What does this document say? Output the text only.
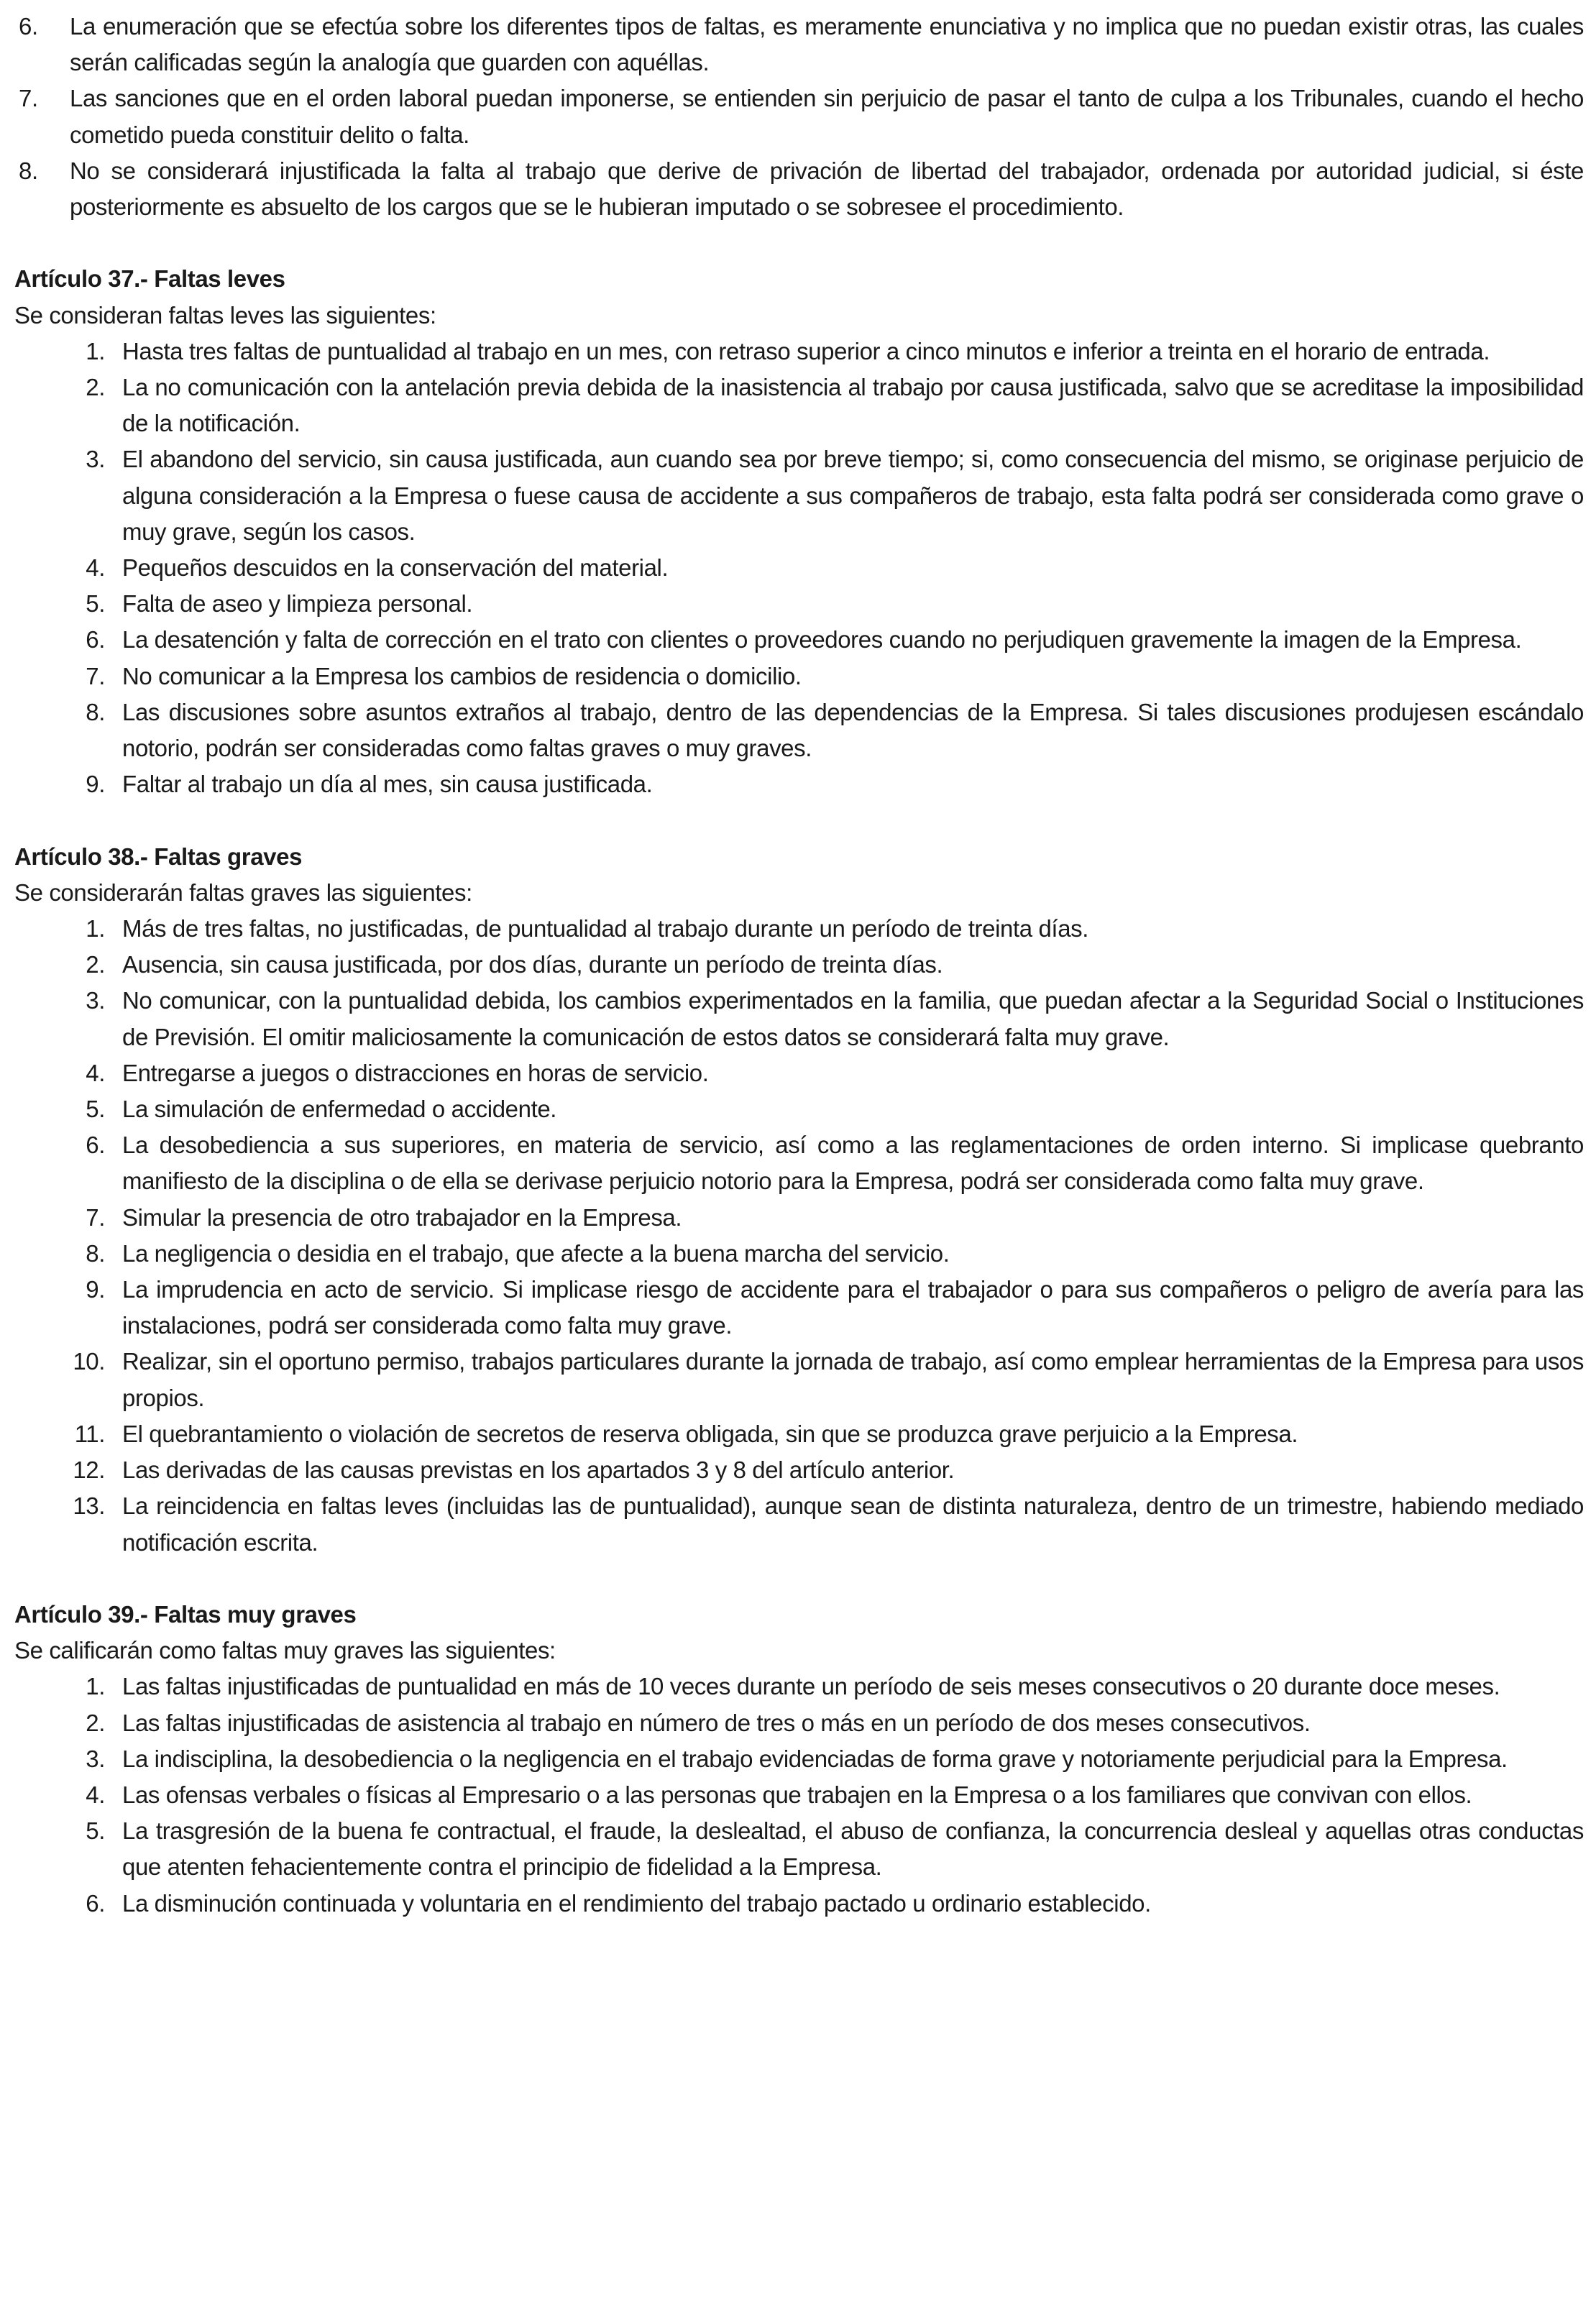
6.	La enumeración que se efectúa sobre los diferentes tipos de faltas, es meramente enunciativa y no implica que no puedan existir otras, las cuales serán calificadas según la analogía que guarden con aquéllas.
7.	Las sanciones que en el orden laboral puedan imponerse, se entienden sin perjuicio de pasar el tanto de culpa a los Tribunales, cuando el hecho cometido pueda constituir delito o falta.
8.	No se considerará injustificada la falta al trabajo que derive de privación de libertad del trabajador, ordenada por autoridad judicial, si éste posteriormente es absuelto de los cargos que se le hubieran imputado o se sobresee el procedimiento.
Artículo 37.- Faltas leves
Se consideran faltas leves las siguientes:
1. Hasta tres faltas de puntualidad al trabajo en un mes, con retraso superior a cinco minutos e inferior a treinta en el horario de entrada.
2. La no comunicación con la antelación previa debida de la inasistencia al trabajo por causa justificada, salvo que se acreditase la imposibilidad de la notificación.
3. El abandono del servicio, sin causa justificada, aun cuando sea por breve tiempo; si, como consecuencia del mismo, se originase perjuicio de alguna consideración a la Empresa o fuese causa de accidente a sus compañeros de trabajo, esta falta podrá ser considerada como grave o muy grave, según los casos.
4. Pequeños descuidos en la conservación del material.
5. Falta de aseo y limpieza personal.
6. La desatención y falta de corrección en el trato con clientes o proveedores cuando no perjudiquen gravemente la imagen de la Empresa.
7. No comunicar a la Empresa los cambios de residencia o domicilio.
8. Las discusiones sobre asuntos extraños al trabajo, dentro de las dependencias de la Empresa. Si tales discusiones produjesen escándalo notorio, podrán ser consideradas como faltas graves o muy graves.
9. Faltar al trabajo un día al mes, sin causa justificada.
Artículo 38.- Faltas graves
Se considerarán faltas graves las siguientes:
1. Más de tres faltas, no justificadas, de puntualidad al trabajo durante un período de treinta días.
2. Ausencia, sin causa justificada, por dos días, durante un período de treinta días.
3. No comunicar, con la puntualidad debida, los cambios experimentados en la familia, que puedan afectar a la Seguridad Social o Instituciones de Previsión. El omitir maliciosamente la comunicación de estos datos se considerará falta muy grave.
4. Entregarse a juegos o distracciones en horas de servicio.
5. La simulación de enfermedad o accidente.
6. La desobediencia a sus superiores, en materia de servicio, así como a las reglamentaciones de orden interno. Si implicase quebranto manifiesto de la disciplina o de ella se derivase perjuicio notorio para la Empresa, podrá ser considerada como falta muy grave.
7. Simular la presencia de otro trabajador en la Empresa.
8. La negligencia o desidia en el trabajo, que afecte a la buena marcha del servicio.
9. La imprudencia en acto de servicio. Si implicase riesgo de accidente para el trabajador o para sus compañeros o peligro de avería para las instalaciones, podrá ser considerada como falta muy grave.
10. Realizar, sin el oportuno permiso, trabajos particulares durante la jornada de trabajo, así como emplear herramientas de la Empresa para usos propios.
11. El quebrantamiento o violación de secretos de reserva obligada, sin que se produzca grave perjuicio a la Empresa.
12. Las derivadas de las causas previstas en los apartados 3 y 8 del artículo anterior.
13. La reincidencia en faltas leves (incluidas las de puntualidad), aunque sean de distinta naturaleza, dentro de un trimestre, habiendo mediado notificación escrita.
Artículo 39.- Faltas muy graves
Se calificarán como faltas muy graves las siguientes:
1. Las faltas injustificadas de puntualidad en más de 10 veces durante un período de seis meses consecutivos o 20 durante doce meses.
2. Las faltas injustificadas de asistencia al trabajo en número de tres o más en un período de dos meses consecutivos.
3. La indisciplina, la desobediencia o la negligencia en el trabajo evidenciadas de forma grave y notoriamente perjudicial para la Empresa.
4. Las ofensas verbales o físicas al Empresario o a las personas que trabajen en la Empresa o a los familiares que convivan con ellos.
5. La trasgresión de la buena fe contractual, el fraude, la deslealtad, el abuso de confianza, la concurrencia desleal y aquellas otras conductas que atenten fehacientemente contra el principio de fidelidad a la Empresa.
6. La disminución continuada y voluntaria en el rendimiento del trabajo pactado u ordinario establecido.
